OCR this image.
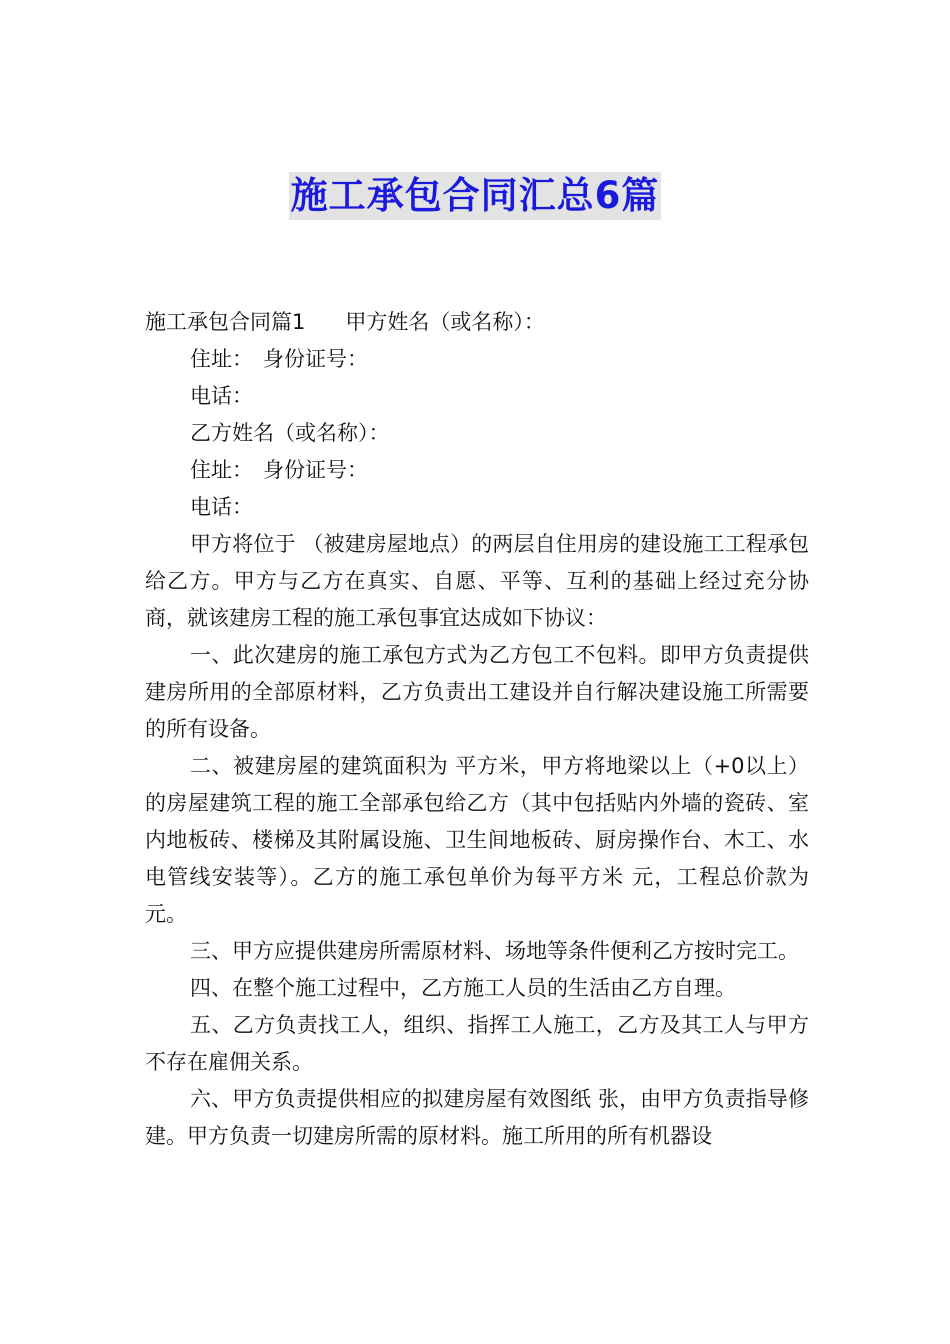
施工承包合同汇总6篇

施工承包合同篇1 甲方姓名（或名称）：

住址： 身份证号：

电话：

乙方姓名（或名称）：

住址： 身份证号：

电话：

甲方将位于 （被建房屋地点）的两层自住用房的建设施工工程承包给乙方。甲方与乙方在真实、自愿、平等、互利的基础上经过充分协商，就该建房工程的施工承包事宜达成如下协议：

一、此次建房的施工承包方式为乙方包工不包料。即甲方负责提供建房所用的全部原材料，乙方负责出工建设并自行解决建设施工所需要的所有设备。

二、被建房屋的建筑面积为 平方米，甲方将地梁以上（+0以上）的房屋建筑工程的施工全部承包给乙方（其中包括贴内外墙的瓷砖、室内地板砖、楼梯及其附属设施、卫生间地板砖、厨房操作台、木工、水电管线安装等）。乙方的施工承包单价为每平方米 元，工程总价款为 元。

三、甲方应提供建房所需原材料、场地等条件便利乙方按时完工。

四、在整个施工过程中，乙方施工人员的生活由乙方自理。

五、乙方负责找工人，组织、指挥工人施工，乙方及其工人与甲方不存在雇佣关系。

六、甲方负责提供相应的拟建房屋有效图纸 张，由甲方负责指导修建。甲方负责一切建房所需的原材料。施工所用的所有机器设
